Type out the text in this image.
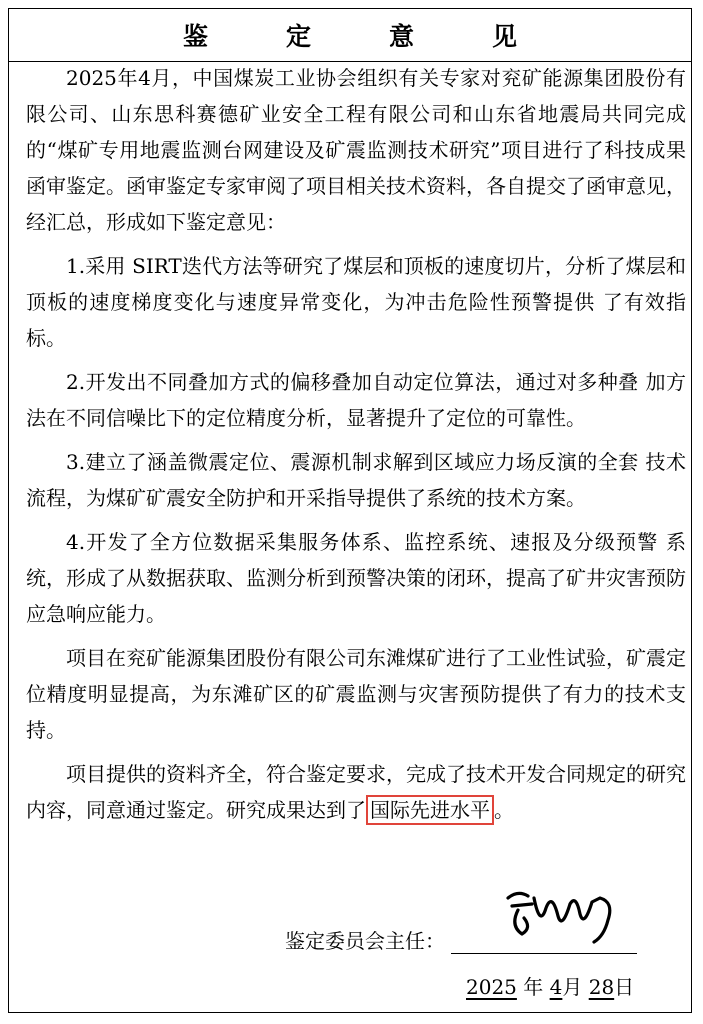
鉴定意见

2025年4月，中国煤炭工业协会组织有关专家对兖矿能源集团股份有限公司、山东思科赛德矿业安全工程有限公司和山东省地震局共同完成的“煤矿专用地震监测台网建设及矿震监测技术研究”项目进行了科技成果函审鉴定。函审鉴定专家审阅了项目相关技术资料，各自提交了函审意见，经汇总，形成如下鉴定意见：

1.采用 SIRT迭代方法等研究了煤层和顶板的速度切片，分析了煤层和顶板的速度梯度变化与速度异常变化，为冲击危险性预警提供 了有效指标。

2.开发出不同叠加方式的偏移叠加自动定位算法，通过对多种叠 加方法在不同信噪比下的定位精度分析，显著提升了定位的可靠性。

3.建立了涵盖微震定位、震源机制求解到区域应力场反演的全套 技术流程，为煤矿矿震安全防护和开采指导提供了系统的技术方案。

4.开发了全方位数据采集服务体系、监控系统、速报及分级预警 系统，形成了从数据获取、监测分析到预警决策的闭环，提高了矿井灾害预防应急响应能力。

项目在兖矿能源集团股份有限公司东滩煤矿进行了工业性试验，矿震定位精度明显提高，为东滩矿区的矿震监测与灾害预防提供了有力的技术支持。

项目提供的资料齐全，符合鉴定要求，完成了技术开发合同规定的研究内容，同意通过鉴定。研究成果达到了 国际先进水平 。

鉴定委员会主任：
2025 年 4月 28日
